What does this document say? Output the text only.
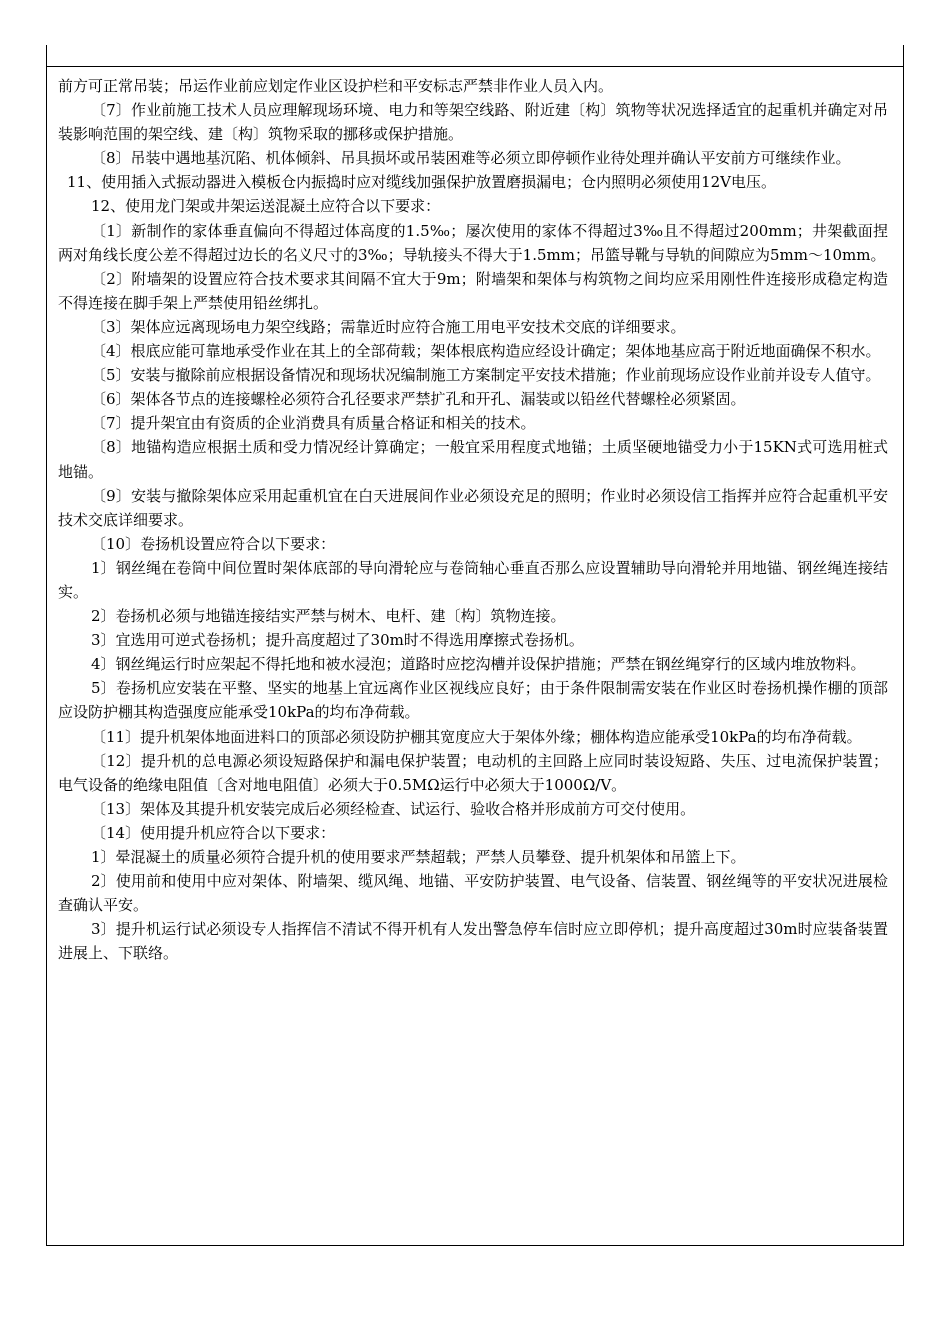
前方可正常吊装；吊运作业前应划定作业区设护栏和平安标志严禁非作业人员入内。

〔7〕作业前施工技术人员应理解现场环境、电力和等架空线路、附近建〔构〕筑物等状况选择适宜的起重机并确定对吊装影响范围的架空线、建〔构〕筑物采取的挪移或保护措施。

〔8〕吊装中遇地基沉陷、机体倾斜、吊具损坏或吊装困难等必须立即停顿作业待处理并确认平安前方可继续作业。

11、使用插入式振动器进入模板仓内振捣时应对缆线加强保护放置磨损漏电；仓内照明必须使用12V电压。

12、使用龙门架或井架运送混凝土应符合以下要求：

〔1〕新制作的家体垂直偏向不得超过体高度的1.5‰；屡次使用的家体不得超过3‰且不得超过200mm；井架截面捏两对角线长度公差不得超过边长的名义尺寸的3‰；导轨接头不得大于1.5mm；吊篮导靴与导轨的间隙应为5mm～10mm。

〔2〕附墙架的设置应符合技术要求其间隔不宜大于9m；附墙架和架体与构筑物之间均应采用刚性件连接形成稳定构造不得连接在脚手架上严禁使用铅丝绑扎。

〔3〕架体应远离现场电力架空线路；需靠近时应符合施工用电平安技术交底的详细要求。

〔4〕根底应能可靠地承受作业在其上的全部荷载；架体根底构造应经设计确定；架体地基应高于附近地面确保不积水。

〔5〕安装与撤除前应根据设备情况和现场状况编制施工方案制定平安技术措施；作业前现场应设作业前并设专人值守。

〔6〕架体各节点的连接螺栓必须符合孔径要求严禁扩孔和开孔、漏装或以铅丝代替螺栓必须紧固。

〔7〕提升架宜由有资质的企业消费具有质量合格证和相关的技术。

〔8〕地锚构造应根据土质和受力情况经计算确定；一般宜采用程度式地锚；土质坚硬地锚受力小于15KN式可选用桩式地锚。

〔9〕安装与撤除架体应采用起重机宜在白天进展间作业必须设充足的照明；作业时必须设信工指挥并应符合起重机平安技术交底详细要求。

〔10〕卷扬机设置应符合以下要求：

1〕钢丝绳在卷筒中间位置时架体底部的导向滑轮应与卷筒轴心垂直否那么应设置辅助导向滑轮并用地锚、钢丝绳连接结实。

2〕卷扬机必须与地锚连接结实严禁与树木、电杆、建〔构〕筑物连接。

3〕宜选用可逆式卷扬机；提升高度超过了30m时不得选用摩擦式卷扬机。

4〕钢丝绳运行时应架起不得托地和被水浸泡；道路时应挖沟槽并设保护措施；严禁在钢丝绳穿行的区域内堆放物料。

5〕卷扬机应安装在平整、坚实的地基上宜远离作业区视线应良好；由于条件限制需安装在作业区时卷扬机操作棚的顶部应设防护棚其构造强度应能承受10kPa的均布净荷载。

〔11〕提升机架体地面进料口的顶部必须设防护棚其宽度应大于架体外缘；棚体构造应能承受10kPa的均布净荷载。

〔12〕提升机的总电源必须设短路保护和漏电保护装置；电动机的主回路上应同时装设短路、失压、过电流保护装置；电气设备的绝缘电阻值〔含对地电阻值〕必须大于0.5MΩ运行中必须大于1000Ω/V。

〔13〕架体及其提升机安装完成后必须经检查、试运行、验收合格并形成前方可交付使用。

〔14〕使用提升机应符合以下要求：

1〕晕混凝土的质量必须符合提升机的使用要求严禁超载；严禁人员攀登、提升机架体和吊篮上下。

2〕使用前和使用中应对架体、附墙架、缆风绳、地锚、平安防护装置、电气设备、信装置、钢丝绳等的平安状况进展检查确认平安。

3〕提升机运行试必须设专人指挥信不清试不得开机有人发出警急停车信时应立即停机；提升高度超过30m时应装备装置进展上、下联络。
